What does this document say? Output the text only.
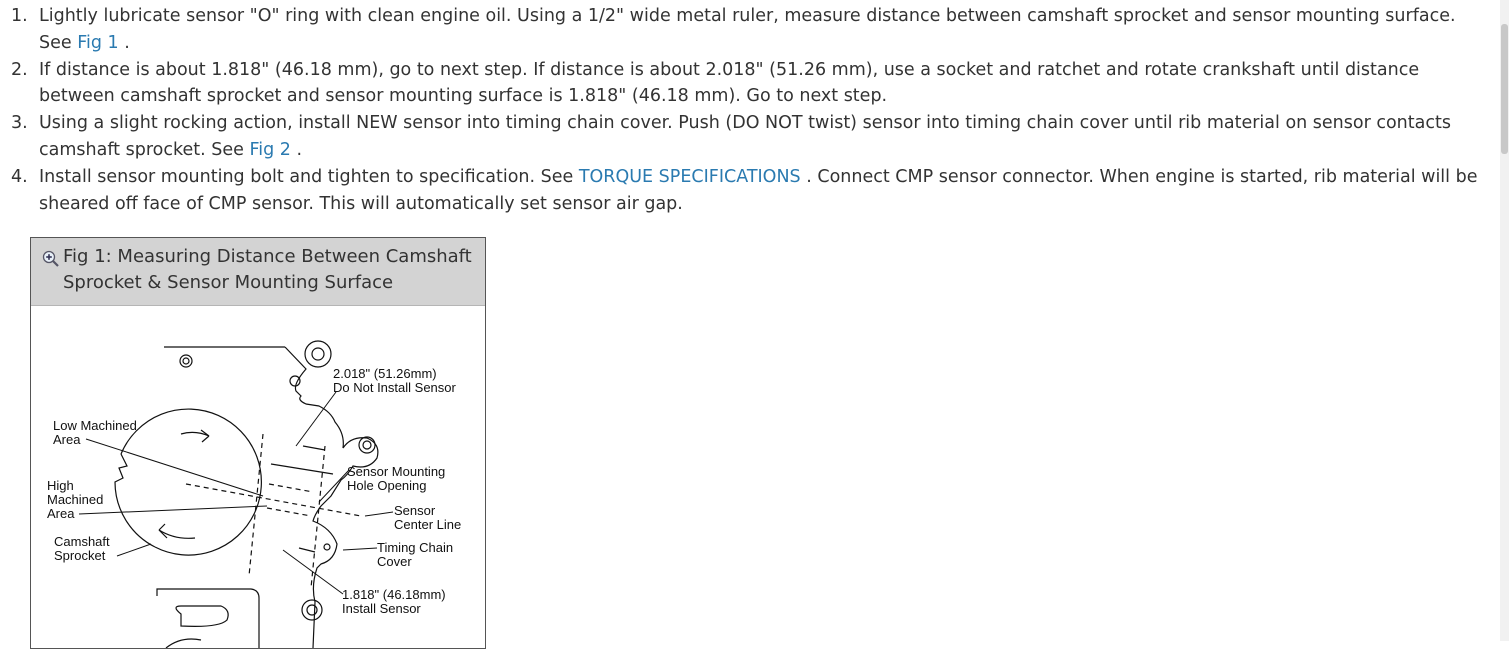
1. Lightly lubricate sensor "O" ring with clean engine oil. Using a 1/2" wide metal ruler, measure distance between camshaft sprocket and sensor mounting surface. See Fig 1 .
2. If distance is about 1.818" (46.18 mm), go to next step. If distance is about 2.018" (51.26 mm), use a socket and ratchet and rotate crankshaft until distance between camshaft sprocket and sensor mounting surface is 1.818" (46.18 mm). Go to next step.
3. Using a slight rocking action, install NEW sensor into timing chain cover. Push (DO NOT twist) sensor into timing chain cover until rib material on sensor contacts camshaft sprocket. See Fig 2 .
4. Install sensor mounting bolt and tighten to specification. See TORQUE SPECIFICATIONS . Connect CMP sensor connector. When engine is started, rib material will be sheared off face of CMP sensor. This will automatically set sensor air gap.
Fig 1: Measuring Distance Between Camshaft Sprocket & Sensor Mounting Surface
Low Machined
Area
High
Machined
Area
Camshaft
Sprocket
2.018" (51.26mm)
Do Not Install Sensor
Sensor Mounting
Hole Opening
Sensor
Center Line
Timing Chain
Cover
1.818" (46.18mm)
Install Sensor
